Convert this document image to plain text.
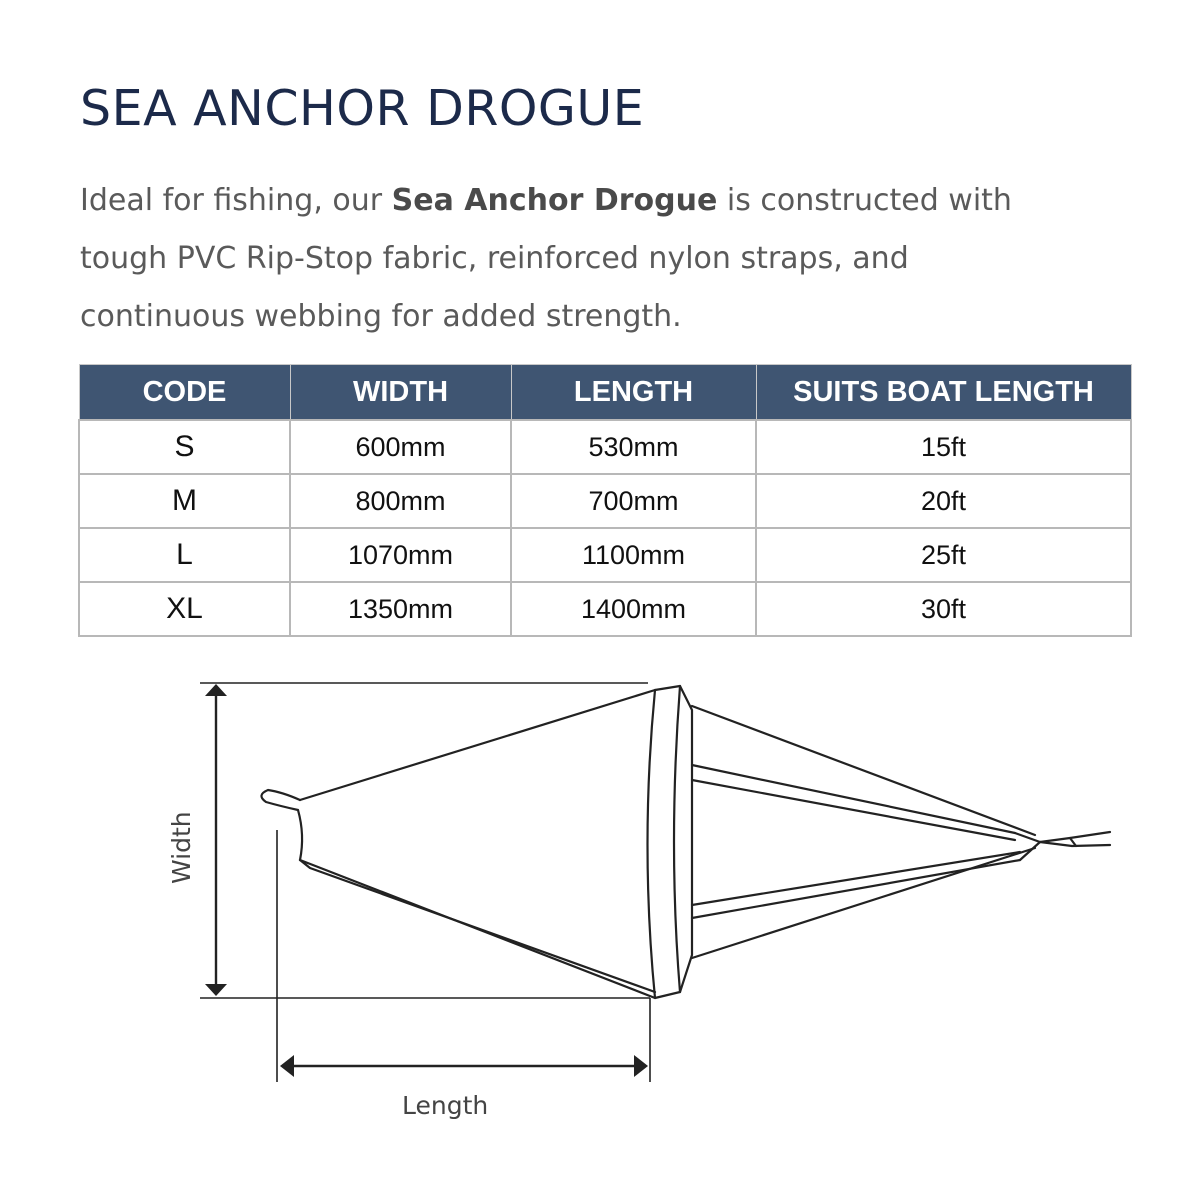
SEA ANCHOR DROGUE

Ideal for fishing, our Sea Anchor Drogue is constructed with tough PVC Rip-Stop fabric, reinforced nylon straps, and continuous webbing for added strength.

CODE	WIDTH	LENGTH	SUITS BOAT LENGTH
S	600mm	530mm	15ft
M	800mm	700mm	20ft
L	1070mm	1100mm	25ft
XL	1350mm	1400mm	30ft
Width
Length
